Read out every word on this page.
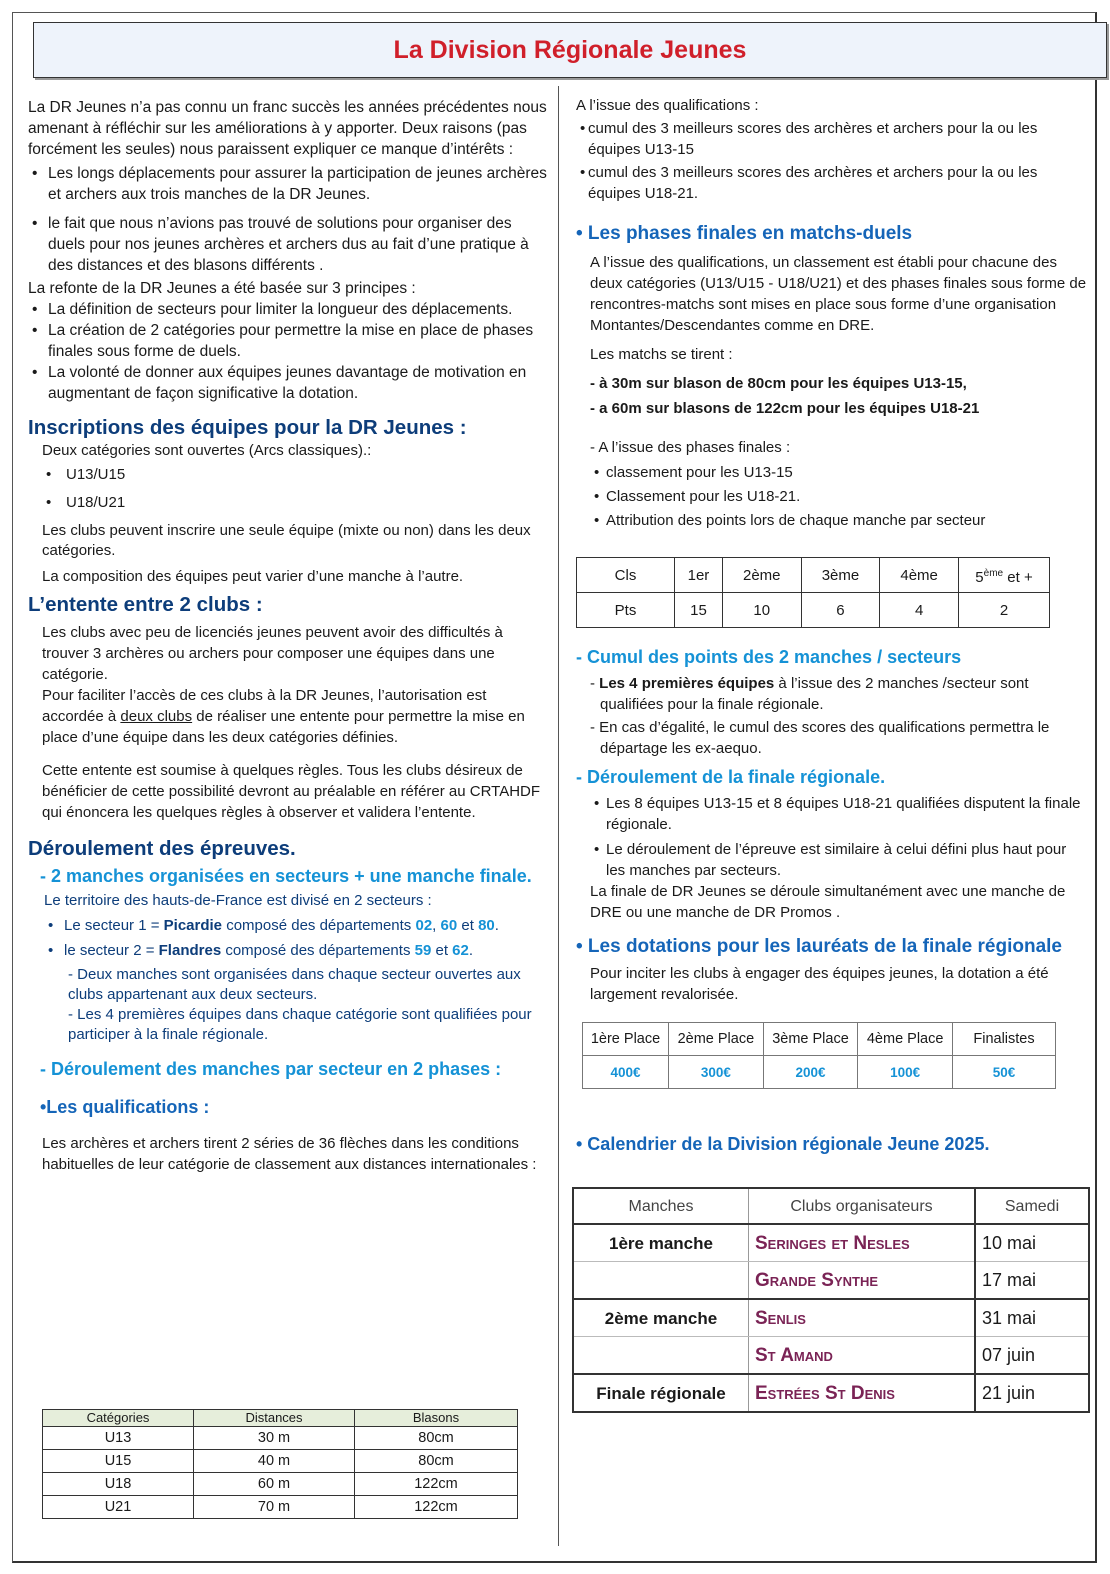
La Division Régionale Jeunes

La DR Jeunes n’a pas connu un franc succès les années précédentes nous amenant à réfléchir sur les améliorations à y apporter. Deux raisons (pas forcément les seules) nous paraissent expliquer ce manque d’intérêts :

• Les longs déplacements pour assurer la participation de jeunes archères et archers aux trois manches de la DR Jeunes.
• le fait que nous n’avions pas trouvé de solutions pour organiser des duels pour nos jeunes archères et archers dus au fait d’une pratique à des distances et des blasons différents .

La refonte de la DR Jeunes a été basée sur 3 principes :

• La définition de secteurs pour limiter la longueur des déplacements.
• La création de 2 catégories pour permettre la mise en place de phases finales sous forme de duels.
• La volonté de donner aux équipes jeunes davantage de motivation en augmentant de façon significative la dotation.
Inscriptions des équipes pour la DR Jeunes :

Deux catégories sont ouvertes (Arcs classiques).:

• U13/U15
• U18/U21

Les clubs peuvent inscrire une seule équipe (mixte ou non) dans les deux catégories.

La composition des équipes peut varier d’une manche à l’autre.

L’entente entre 2 clubs :

Les clubs avec peu de licenciés jeunes peuvent avoir des difficultés à trouver 3 archères ou archers pour composer une équipes dans une catégorie.

Pour faciliter l’accès de ces clubs à la DR Jeunes, l’autorisation est accordée à deux clubs de réaliser une entente pour permettre la mise en place d’une équipe dans les deux catégories définies.

Cette entente est soumise à quelques règles. Tous les clubs désireux de bénéficier de cette possibilité devront au préalable en référer au CRTAHDF qui énoncera les quelques règles à observer et validera l’entente.

Déroulement des épreuves.
- 2 manches organisées en secteurs + une manche finale.

Le territoire des hauts-de-France est divisé en 2 secteurs :

• Le secteur 1 = Picardie composé des départements 02, 60 et 80.
• le secteur 2 = Flandres composé des départements 59 et 62.

- Deux manches sont organisées dans chaque secteur ouvertes aux clubs appartenant aux deux secteurs.

- Les 4 premières équipes dans chaque catégorie sont qualifiées pour participer à la finale régionale.

- Déroulement des manches par secteur en 2 phases :
•Les qualifications :

Les archères et archers tirent 2 séries de 36 flèches dans les conditions habituelles de leur catégorie de classement aux distances internationales :

Catégories	Distances	Blasons
U13	30 m	80cm
U15	40 m	80cm
U18	60 m	122cm
U21	70 m	122cm

A l’issue des qualifications :

• cumul des 3 meilleurs scores des archères et archers pour la ou les équipes U13-15
• cumul des 3 meilleurs scores des archères et archers pour la ou les équipes U18-21.
• Les phases finales en matchs-duels

A l’issue des qualifications, un classement est établi pour chacune des deux catégories (U13/U15 - U18/U21) et des phases finales sous forme de rencontres-matchs sont mises en place sous forme d’une organisation Montantes/Descendantes comme en DRE.

Les matchs se tirent :

- à 30m sur blason de 80cm pour les équipes U13-15,

- a 60m sur blasons de 122cm pour les équipes U18-21

- A l’issue des phases finales :

• classement pour les U13-15
• Classement pour les U18-21.
• Attribution des points lors de chaque manche par secteur
Cls	1er	2ème	3ème	4ème	5ème et +
Pts	15	10	6	4	2
- Cumul des points des 2 manches / secteurs

- Les 4 premières équipes à l’issue des 2 manches /secteur sont qualifiées pour la finale régionale.

- En cas d’égalité, le cumul des scores des qualifications permettra le départage les ex-aequo.

- Déroulement de la finale régionale.
• Les 8 équipes U13-15 et 8 équipes U18-21 qualifiées disputent la finale régionale.
• Le déroulement de l’épreuve est similaire à celui défini plus haut pour les manches par secteurs.

La finale de DR Jeunes se déroule simultanément avec une manche de DRE ou une manche de DR Promos .

• Les dotations pour les lauréats de la finale régionale

Pour inciter les clubs à engager des équipes jeunes, la dotation a été largement revalorisée.

1ère Place	2ème Place	3ème Place	4ème Place	Finalistes
400€	300€	200€	100€	50€
• Calendrier de la Division régionale Jeune 2025.
Manches	Clubs organisateurs	Samedi
1ère manche	Seringes et Nesles	10 mai
	Grande Synthe	17 mai
2ème manche	Senlis	31 mai
	St Amand	07 juin
Finale régionale	Estrées St Denis	21 juin
